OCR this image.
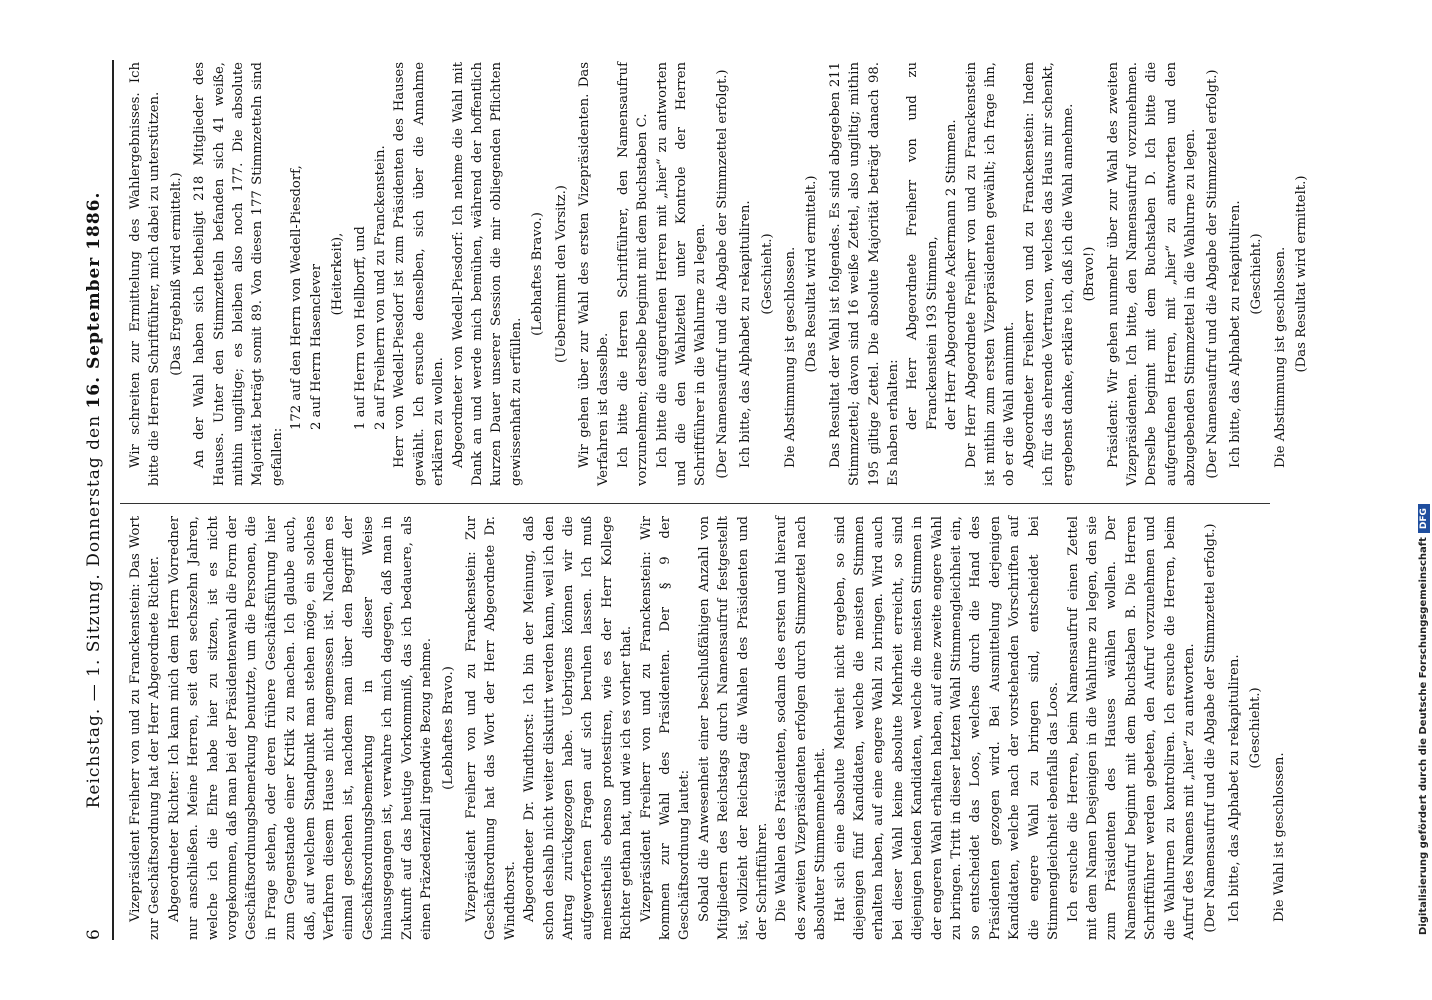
6
Reichstag. — 1. Sitzung. Donnerstag den 16. September 1886.

Vizepräsident Freiherr von und zu Franckenstein: Das Wort zur Geschäftsordnung hat der Herr Abgeordnete Richter. Abgeordneter Richter: Ich kann mich dem Herrn Vorredner nur anschließen. Meine Herren, seit den sechszehn Jahren, welche ich die Ehre habe hier zu sitzen, ist es nicht vorgekommen, daß man bei der Präsidentenwahl die Form der Geschäftsordnungsbemerkung benutzte, um die Personen, die in Frage stehen, oder deren frühere Geschäftsführung hier zum Gegenstande einer Kritik zu machen. Ich glaube auch, daß, auf welchem Standpunkt man stehen möge, ein solches Verfahren diesem Hause nicht angemessen ist. Nachdem es einmal geschehen ist, nachdem man über den Begriff der Geschäftsordnungsbemerkung in dieser Weise hinausgegangen ist, verwahre ich mich dagegen, daß man in Zukunft auf das heutige Vorkommniß, das ich bedauere, als einen Präzedenzfall irgendwie Bezug nehme. (Lebhaftes Bravo.) Vizepräsident Freiherr von und zu Franckenstein: Zur Geschäftsordnung hat das Wort der Herr Abgeordnete Dr. Windthorst. Abgeordneter Dr. Windthorst: Ich bin der Meinung, daß schon deshalb nicht weiter diskutirt werden kann, weil ich den Antrag zurückgezogen habe. Uebrigens können wir die aufgeworfenen Fragen auf sich beruhen lassen. Ich muß meinestheils ebenso protestiren, wie es der Herr Kollege Richter gethan hat, und wie ich es vorher that. Vizepräsident Freiherr von und zu Franckenstein: Wir kommen zur Wahl des Präsidenten. Der § 9 der Geschäftsordnung lautet: Sobald die Anwesenheit einer beschlußfähigen Anzahl von Mitgliedern des Reichstags durch Namensaufruf festgestellt ist, vollzieht der Reichstag die Wahlen des Präsidenten und der Schriftführer. Die Wahlen des Präsidenten, sodann des ersten und hierauf des zweiten Vizepräsidenten erfolgen durch Stimmzettel nach absoluter Stimmenmehrheit. Hat sich eine absolute Mehrheit nicht ergeben, so sind diejenigen fünf Kandidaten, welche die meisten Stimmen erhalten haben, auf eine engere Wahl zu bringen. Wird auch bei dieser Wahl keine absolute Mehrheit erreicht, so sind diejenigen beiden Kandidaten, welche die meisten Stimmen in der engeren Wahl erhalten haben, auf eine zweite engere Wahl zu bringen. Tritt in dieser letzten Wahl Stimmengleichheit ein, so entscheidet das Loos, welches durch die Hand des Präsidenten gezogen wird. Bei Ausmittelung derjenigen Kandidaten, welche nach der vorstehenden Vorschriften auf die engere Wahl zu bringen sind, entscheidet bei Stimmengleichheit ebenfalls das Loos. Ich ersuche die Herren, beim Namensaufruf einen Zettel mit dem Namen Desjenigen in die Wahlurne zu legen, den sie zum Präsidenten des Hauses wählen wollen. Der Namensaufruf beginnt mit dem Buchstaben B. Die Herren Schriftführer werden gebeten, den Aufruf vorzunehmen und die Wahlurnen zu kontroliren. Ich ersuche die Herren, beim Aufruf des Namens mit „hier“ zu antworten. (Der Namensaufruf und die Abgabe der Stimmzettel erfolgt.) Ich bitte, das Alphabet zu rekapituliren. (Geschieht.)

Die Wahl ist geschlossen.

Wir schreiten zur Ermittelung des Wahlergebnisses. Ich bitte die Herren Schriftführer, mich dabei zu unterstützen. (Das Ergebniß wird ermittelt.) An der Wahl haben sich betheiligt 218 Mitglieder des Hauses. Unter den Stimmzetteln befanden sich 41 weiße, mithin ungiltige; es bleiben also noch 177. Die absolute Majorität beträgt somit 89. Von diesen 177 Stimmzetteln sind gefallen:

172 auf den Herrn von Wedell-Piesdorf, 2 auf Herrn Hasenclever (Heiterkeit), 1 auf Herrn von Hellborff, und 2 auf Freiherrn von und zu Franckenstein. Herr von Wedell-Piesdorf ist zum Präsidenten des Hauses gewählt. Ich ersuche denselben, sich über die Annahme erklären zu wollen. Abgeordneter von Wedell-Piesdorf: Ich nehme die Wahl mit Dank an und werde mich bemühen, während der hoffentlich kurzen Dauer unserer Session die mir obliegenden Pflichten gewissenhaft zu erfüllen.

(Lebhaftes Bravo.) (Uebernimmt den Vorsitz.) Wir gehen über zur Wahl des ersten Vizepräsidenten. Das Verfahren ist dasselbe. Ich bitte die Herren Schriftführer, den Namensaufruf vorzunehmen; derselbe beginnt mit dem Buchstaben C. Ich bitte die aufgerufenen Herren mit „hier“ zu antworten und die den Wahlzettel unter Kontrole der Herren Schriftführer in die Wahlurne zu legen. (Der Namensaufruf und die Abgabe der Stimmzettel erfolgt.) Ich bitte, das Alphabet zu rekapituliren. (Geschieht.) Die Abstimmung ist geschlossen. (Das Resultat wird ermittelt.) Das Resultat der Wahl ist folgendes. Es sind abgegeben 211 Stimmzettel; davon sind 16 weiße Zettel, also ungiltig; mithin 195 giltige Zettel. Die absolute Majorität beträgt danach 98. Es haben erhalten: der Herr Abgeordnete Freiherr von und zu Franckenstein 193 Stimmen, der Herr Abgeordnete Ackermann 2 Stimmen. Der Herr Abgeordnete Freiherr von und zu Franckenstein ist mithin zum ersten Vizepräsidenten gewählt; ich frage ihn, ob er die Wahl annimmt. Abgeordneter Freiherr von und zu Franckenstein: Indem ich für das ehrende Vertrauen, welches das Haus mir schenkt, ergebenst danke, erkläre ich, daß ich die Wahl annehme. (Bravo!) Präsident: Wir gehen nunmehr über zur Wahl des zweiten Vizepräsidenten. Ich bitte, den Namensaufruf vorzunehmen. Derselbe beginnt mit dem Buchstaben D. Ich bitte die aufgerufenen Herren, mit „hier“ zu antworten und den abzugebenden Stimmzettel in die Wahlurne zu legen. (Der Namensaufruf und die Abgabe der Stimmzettel erfolgt.) Ich bitte, das Alphabet zu rekapituliren. (Geschieht.) Die Abstimmung ist geschlossen. (Das Resultat wird ermittelt.)

Digitalisierung gefördert durch die Deutsche ForschungsgemeinschaftDFG
